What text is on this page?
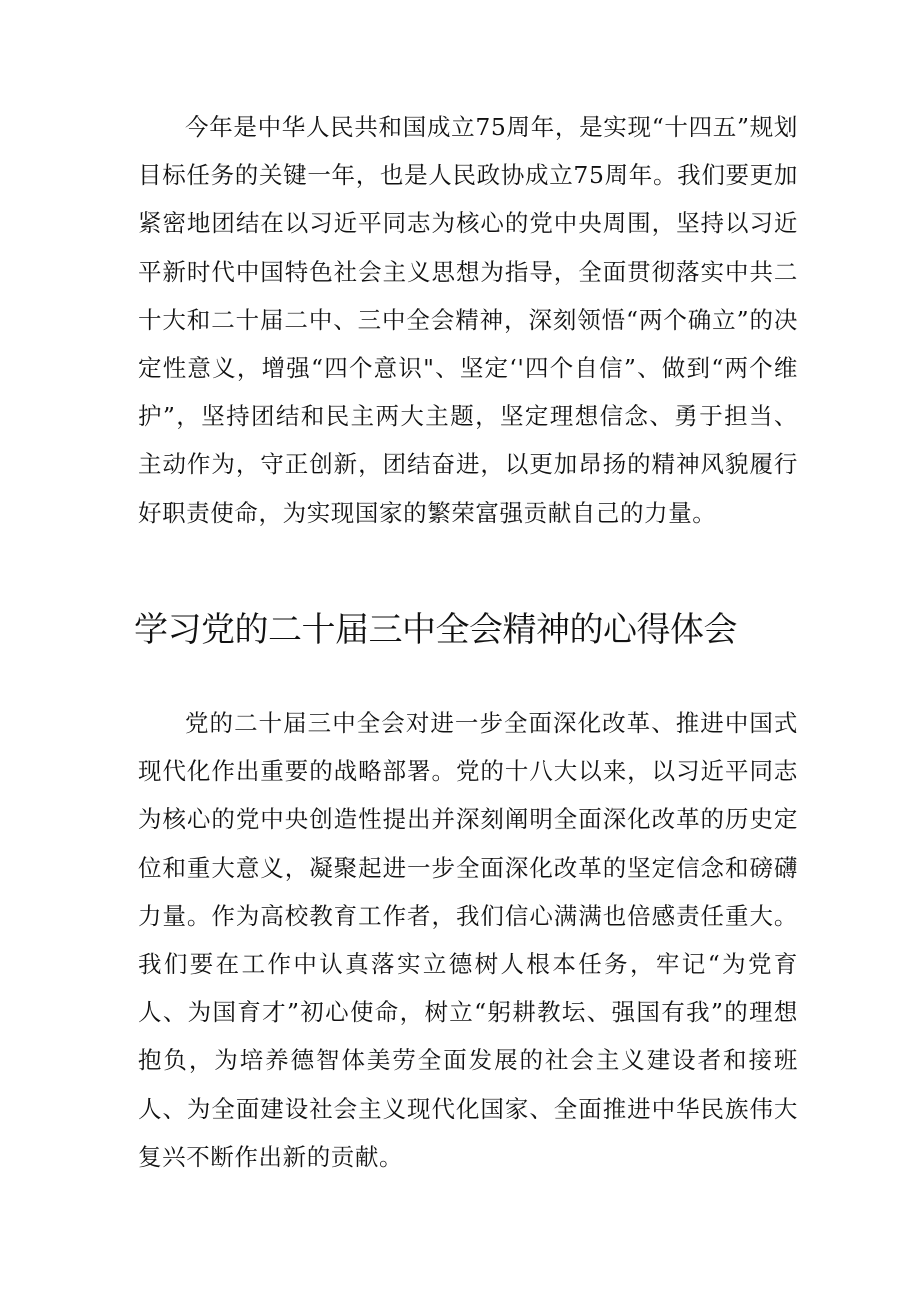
今年是中华人民共和国成立75周年，是实现“十四五”规划目标任务的关键一年，也是人民政协成立75周年。我们要更加紧密地团结在以习近平同志为核心的党中央周围，坚持以习近平新时代中国特色社会主义思想为指导，全面贯彻落实中共二十大和二十届二中、三中全会精神，深刻领悟“两个确立”的决定性意义，增强“四个意识"、坚定‘'四个自信”、做到“两个维护”，坚持团结和民主两大主题，坚定理想信念、勇于担当、主动作为，守正创新，团结奋进，以更加昂扬的精神风貌履行好职责使命，为实现国家的繁荣富强贡献自己的力量。

学习党的二十届三中全会精神的心得体会

党的二十届三中全会对进一步全面深化改革、推进中国式现代化作出重要的战略部署。党的十八大以来，以习近平同志为核心的党中央创造性提出并深刻阐明全面深化改革的历史定位和重大意义，凝聚起进一步全面深化改革的坚定信念和磅礴力量。作为高校教育工作者，我们信心满满也倍感责任重大。我们要在工作中认真落实立德树人根本任务，牢记“为党育人、为国育才”初心使命，树立“躬耕教坛、强国有我”的理想抱负，为培养德智体美劳全面发展的社会主义建设者和接班人、为全面建设社会主义现代化国家、全面推进中华民族伟大复兴不断作出新的贡献。
